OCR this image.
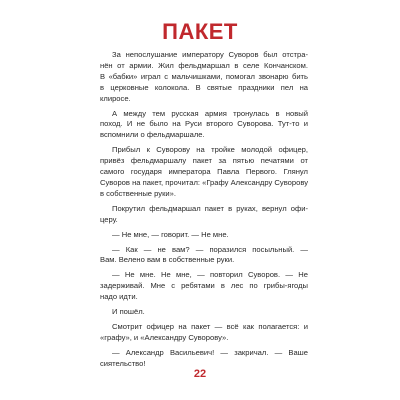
ПАКЕТ
За непослушание императору Суворов был отстра-
нён от армии. Жил фельдмаршал в селе Кончанском.
В «бабки» играл с мальчишками, помогал звонарю бить
в церковные колокола. В святые праздники пел на
клиросе.
А между тем русская армия тронулась в новый
поход. И не было на Руси второго Суворова. Тут-то и
вспомнили о фельдмаршале.
Прибыл к Суворову на тройке молодой офицер,
привёз фельдмаршалу пакет за пятью печатями от
самого государя императора Павла Первого. Глянул
Суворов на пакет, прочитал: «Графу Александру Суворову
в собственные руки».
Покрутил фельдмаршал пакет в руках, вернул офи-
церу.
— Не мне, — говорит. — Не мне.
— Как — не вам? — поразился посыльный. —
Вам. Велено вам в собственные руки.
— Не мне. Не мне, — повторил Суворов. — Не
задерживай. Мне с ребятами в лес по грибы-ягоды
надо идти.
И пошёл.
Смотрит офицер на пакет — всё как полагается: и
«графу», и «Александру Суворову».
— Александр Васильевич! — закричал. — Ваше
сиятельство!
22
